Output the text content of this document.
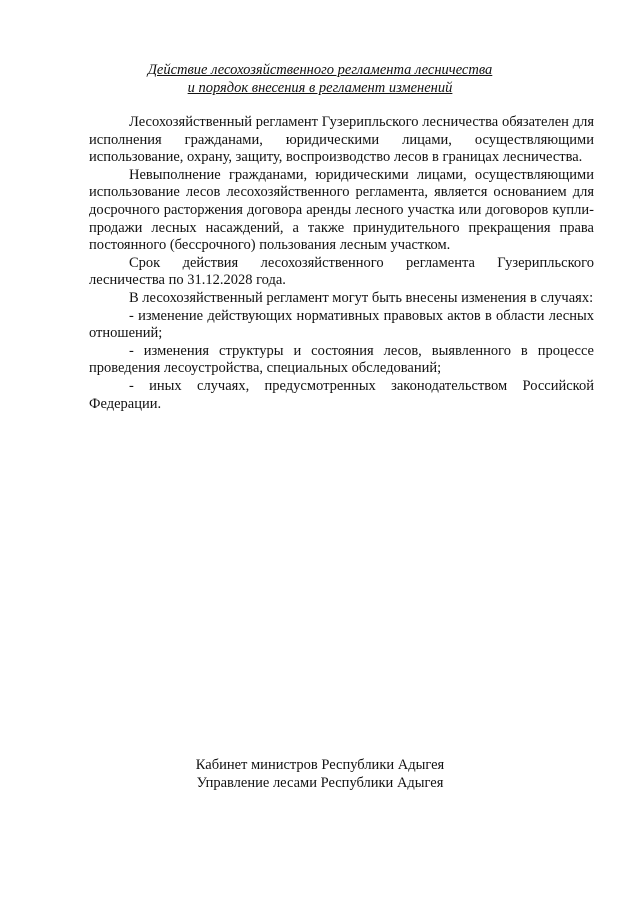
Действие лесохозяйственного регламента лесничества
и порядок внесения в регламент изменений

Лесохозяйственный регламент Гузерипльского лесничества обязателен для исполнения гражданами, юридическими лицами, осуществляющими использование, охрану, защиту, воспроизводство лесов в границах лесничества.

Невыполнение гражданами, юридическими лицами, осуществляющими использование лесов лесохозяйственного регламента, является основанием для досрочного расторжения договора аренды лесного участка или договоров купли-продажи лесных насаждений, а также принудительного прекращения права постоянного (бессрочного) пользования лесным участком.

Срок действия лесохозяйственного регламента Гузерипльского лесничества по 31.12.2028 года.

В лесохозяйственный регламент могут быть внесены изменения в случаях:

- изменение действующих нормативных правовых актов в области лесных отношений;

- изменения структуры и состояния лесов, выявленного в процессе проведения лесоустройства, специальных обследований;

- иных случаях, предусмотренных законодательством Российской Федерации.

Кабинет министров Республики Адыгея
Управление лесами Республики Адыгея
